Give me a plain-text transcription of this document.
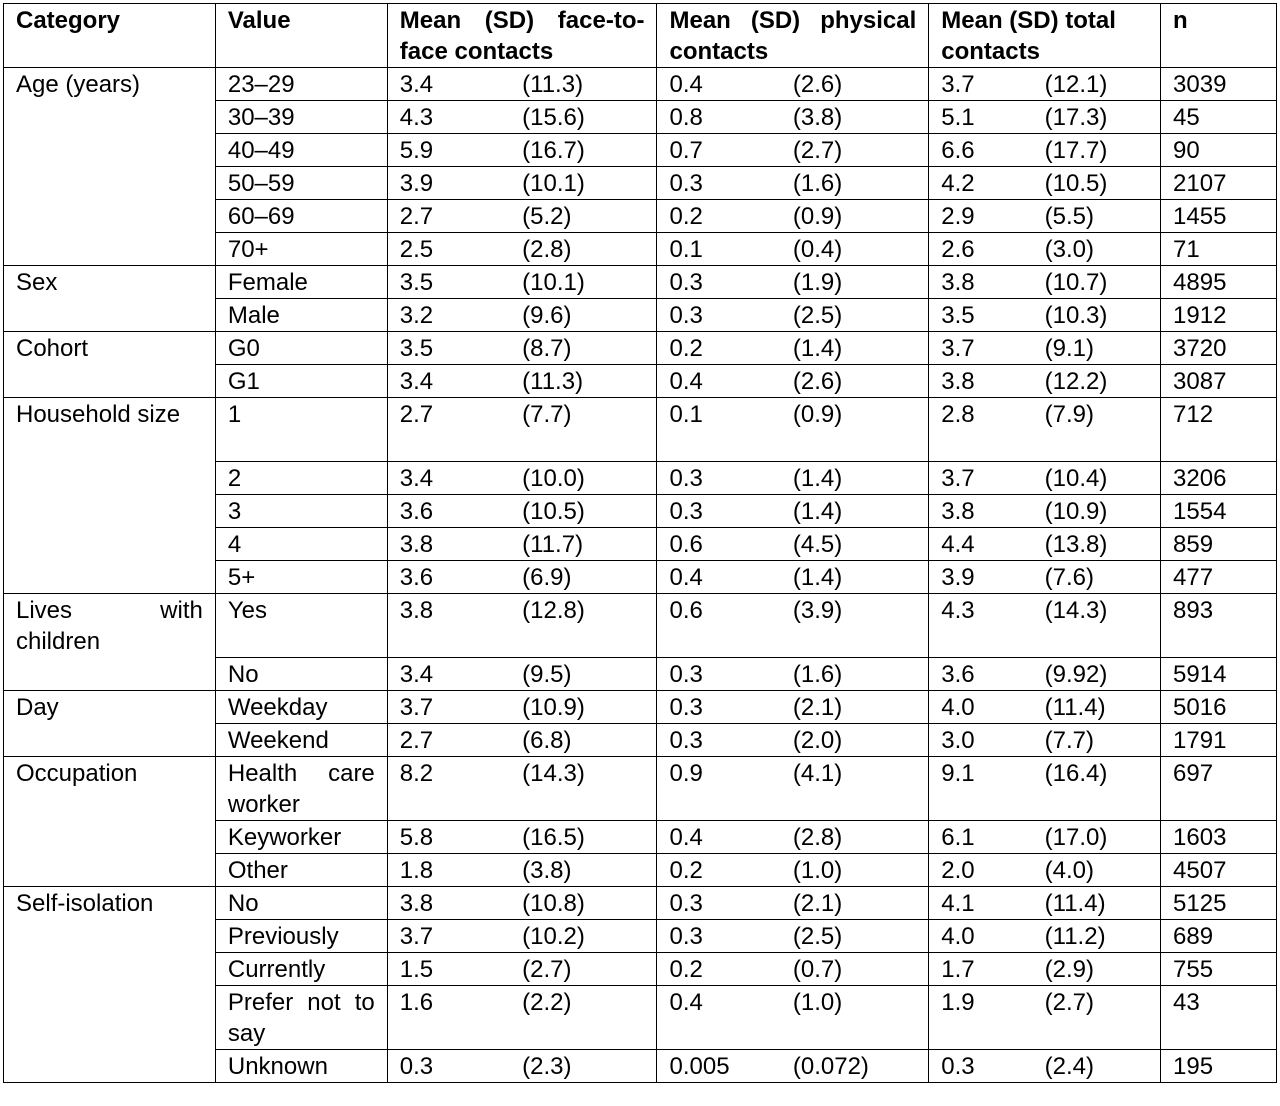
Category	Value	Mean (SD) face-to-face contacts	Mean (SD) physical contacts	Mean (SD) total contacts	n
Age (years)	23–29	3.4 (11.3)	0.4 (2.6)	3.7 (12.1)	3039
	30–39	4.3 (15.6)	0.8 (3.8)	5.1 (17.3)	45
	40–49	5.9 (16.7)	0.7 (2.7)	6.6 (17.7)	90
	50–59	3.9 (10.1)	0.3 (1.6)	4.2 (10.5)	2107
	60–69	2.7 (5.2)	0.2 (0.9)	2.9 (5.5)	1455
	70+	2.5 (2.8)	0.1 (0.4)	2.6 (3.0)	71
Sex	Female	3.5 (10.1)	0.3 (1.9)	3.8 (10.7)	4895
	Male	3.2 (9.6)	0.3 (2.5)	3.5 (10.3)	1912
Cohort	G0	3.5 (8.7)	0.2 (1.4)	3.7 (9.1)	3720
	G1	3.4 (11.3)	0.4 (2.6)	3.8 (12.2)	3087
Household size	1	2.7 (7.7)	0.1 (0.9)	2.8 (7.9)	712
	2	3.4 (10.0)	0.3 (1.4)	3.7 (10.4)	3206
	3	3.6 (10.5)	0.3 (1.4)	3.8 (10.9)	1554
	4	3.8 (11.7)	0.6 (4.5)	4.4 (13.8)	859
	5+	3.6 (6.9)	0.4 (1.4)	3.9 (7.6)	477
Lives with children	Yes	3.8 (12.8)	0.6 (3.9)	4.3 (14.3)	893
	No	3.4 (9.5)	0.3 (1.6)	3.6 (9.92)	5914
Day	Weekday	3.7 (10.9)	0.3 (2.1)	4.0 (11.4)	5016
	Weekend	2.7 (6.8)	0.3 (2.0)	3.0 (7.7)	1791
Occupation	Health care worker	8.2 (14.3)	0.9 (4.1)	9.1 (16.4)	697
	Keyworker	5.8 (16.5)	0.4 (2.8)	6.1 (17.0)	1603
	Other	1.8 (3.8)	0.2 (1.0)	2.0 (4.0)	4507
Self-isolation	No	3.8 (10.8)	0.3 (2.1)	4.1 (11.4)	5125
	Previously	3.7 (10.2)	0.3 (2.5)	4.0 (11.2)	689
	Currently	1.5 (2.7)	0.2 (0.7)	1.7 (2.9)	755
	Prefer not to say	1.6 (2.2)	0.4 (1.0)	1.9 (2.7)	43
	Unknown	0.3 (2.3)	0.005 (0.072)	0.3 (2.4)	195
